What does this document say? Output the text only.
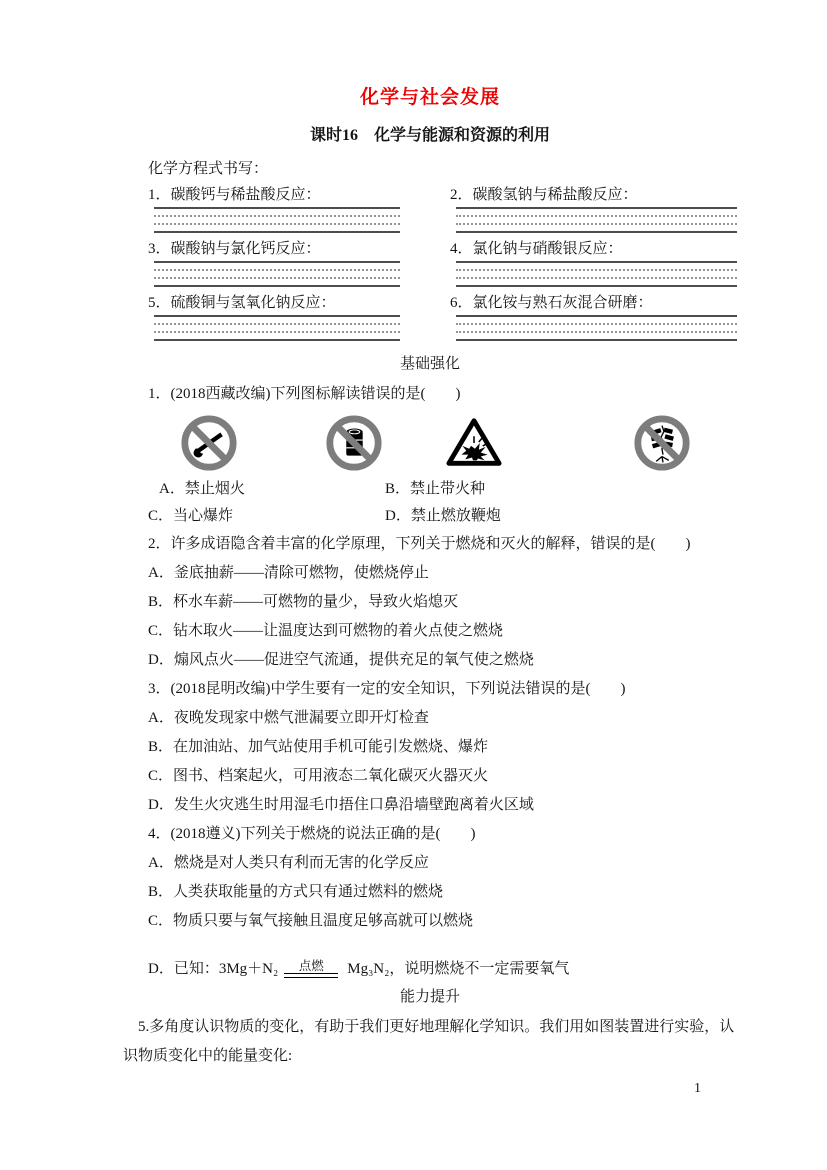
化学与社会发展
课时16　化学与能源和资源的利用
化学方程式书写：
1．碳酸钙与稀盐酸反应：	2．碳酸氢钠与稀盐酸反应：
3．碳酸钠与氯化钙反应：	4．氯化钠与硝酸银反应：
5．硫酸铜与氢氧化钠反应：	6．氯化铵与熟石灰混合研磨：
基础强化
1．(2018西藏改编)下列图标解读错误的是(　　)
A．禁止烟火	B．禁止带火种
C．当心爆炸	D．禁止燃放鞭炮
2．许多成语隐含着丰富的化学原理，下列关于燃烧和灭火的解释，错误的是(　　)
A．釜底抽薪——清除可燃物，使燃烧停止
B．杯水车薪——可燃物的量少，导致火焰熄灭
C．钻木取火——让温度达到可燃物的着火点使之燃烧
D．煽风点火——促进空气流通，提供充足的氧气使之燃烧
3．(2018昆明改编)中学生要有一定的安全知识，下列说法错误的是(　　)
A．夜晚发现家中燃气泄漏要立即开灯检查
B．在加油站、加气站使用手机可能引发燃烧、爆炸
C．图书、档案起火，可用液态二氧化碳灭火器灭火
D．发生火灾逃生时用湿毛巾捂住口鼻沿墙壁跑离着火区域
4．(2018遵义)下列关于燃烧的说法正确的是(　　)
A．燃烧是对人类只有利而无害的化学反应
B．人类获取能量的方式只有通过燃料的燃烧
C．物质只要与氧气接触且温度足够高就可以燃烧
D．已知：3Mg＋N₂	点燃	Mg₃N₂，说明燃烧不一定需要氧气
能力提升
5.多角度认识物质的变化，有助于我们更好地理解化学知识。我们用如图装置进行实验，认识物质变化中的能量变化:
1
